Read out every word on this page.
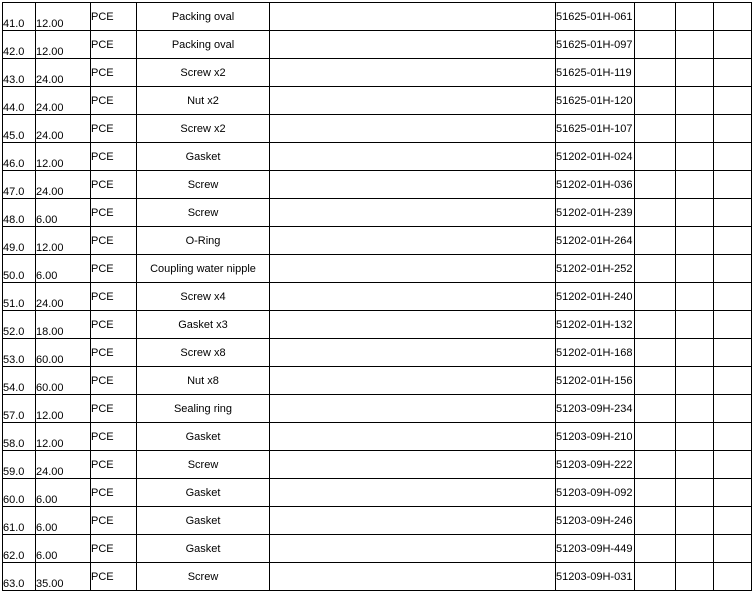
41.0	12.00	PCE	Packing oval		51625-01H-061			
42.0	12.00	PCE	Packing oval		51625-01H-097			
43.0	24.00	PCE	Screw x2		51625-01H-119			
44.0	24.00	PCE	Nut x2		51625-01H-120			
45.0	24.00	PCE	Screw x2		51625-01H-107			
46.0	12.00	PCE	Gasket		51202-01H-024			
47.0	24.00	PCE	Screw		51202-01H-036			
48.0	6.00	PCE	Screw		51202-01H-239			
49.0	12.00	PCE	O-Ring		51202-01H-264			
50.0	6.00	PCE	Coupling water nipple		51202-01H-252			
51.0	24.00	PCE	Screw x4		51202-01H-240			
52.0	18.00	PCE	Gasket x3		51202-01H-132			
53.0	60.00	PCE	Screw x8		51202-01H-168			
54.0	60.00	PCE	Nut x8		51202-01H-156			
57.0	12.00	PCE	Sealing ring		51203-09H-234			
58.0	12.00	PCE	Gasket		51203-09H-210			
59.0	24.00	PCE	Screw		51203-09H-222			
60.0	6.00	PCE	Gasket		51203-09H-092			
61.0	6.00	PCE	Gasket		51203-09H-246			
62.0	6.00	PCE	Gasket		51203-09H-449			
63.0	35.00	PCE	Screw		51203-09H-031			
